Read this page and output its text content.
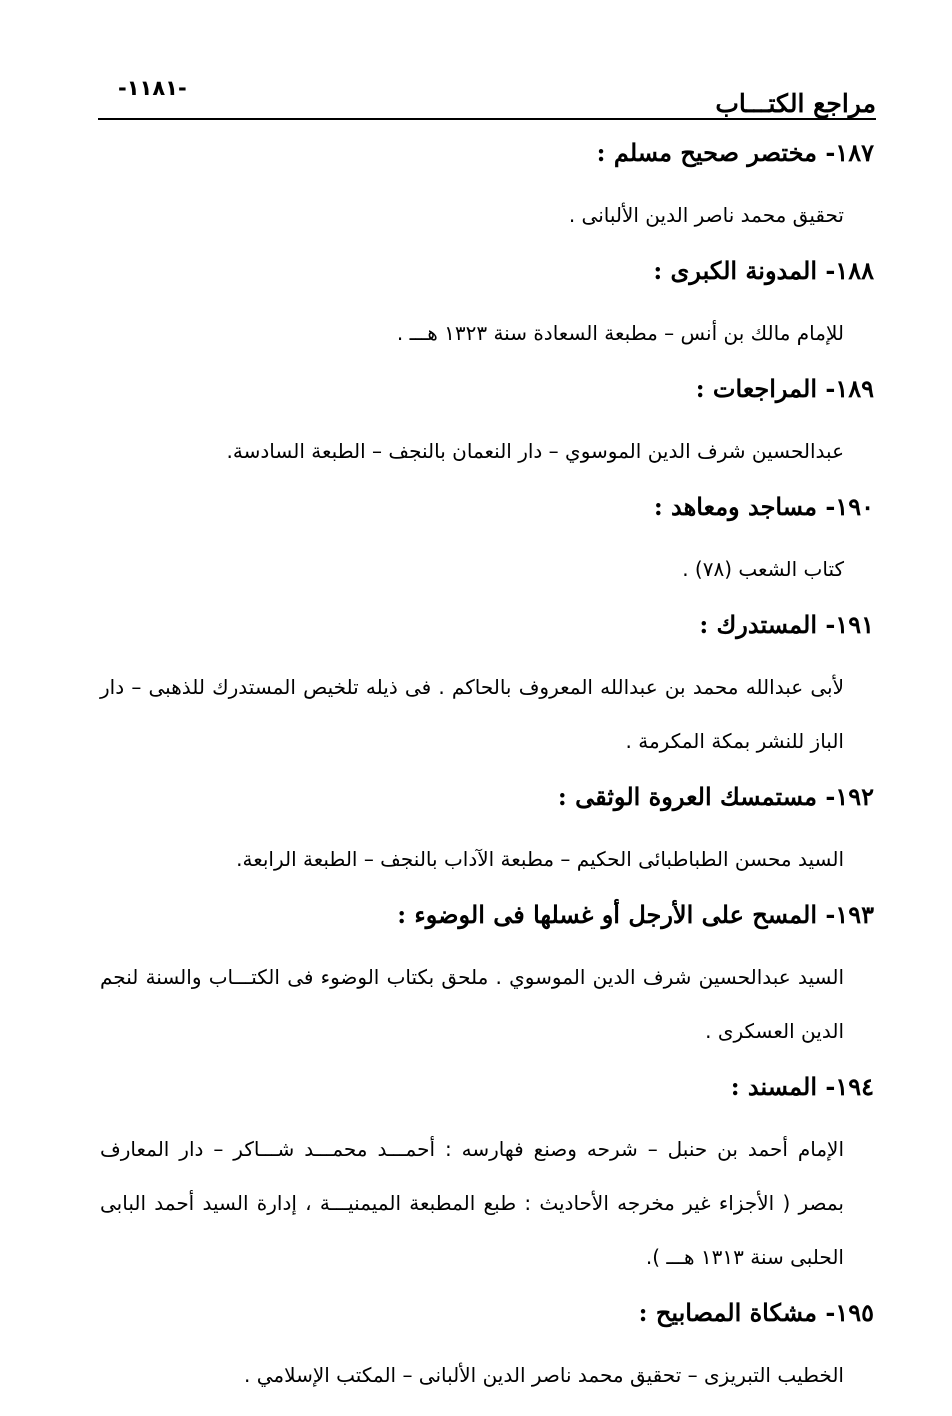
-١١٨١-
مراجع الكتـــاب
١٨٧- مختصر صحيح مسلم :
تحقيق محمد ناصر الدين الألبانى .
١٨٨- المدونة الكبرى :
للإمام مالك بن أنس – مطبعة السعادة سنة ١٣٢٣ هـــ .
١٨٩- المراجعات :
عبدالحسين شرف الدين الموسوي – دار النعمان بالنجف – الطبعة السادسة.
١٩٠- مساجد ومعاهد :
كتاب الشعب (٧٨) .
١٩١- المستدرك :
لأبى عبدالله محمد بن عبدالله المعروف بالحاكم . فى ذيله تلخيص المستدرك للذهبى – دار الباز للنشر بمكة المكرمة .
١٩٢- مستمسك العروة الوثقى :
السيد محسن الطباطبائى الحكيم – مطبعة الآداب بالنجف – الطبعة الرابعة.
١٩٣- المسح على الأرجل أو غسلها فى الوضوء :
السيد عبدالحسين شرف الدين الموسوي . ملحق بكتاب الوضوء فى الكتـــاب والسنة لنجم الدين العسكرى .
١٩٤- المسند :
الإمام أحمد بن حنبل – شرحه وصنع فهارسه : أحمـــد محمـــد شـــاكر – دار المعارف بمصر ( الأجزاء غير مخرجه الأحاديث : طبع المطبعة الميمنيـــة ، إدارة السيد أحمد البابى الحلبى سنة ١٣١٣ هـــ ).
١٩٥- مشكاة المصابيح :
الخطيب التبريزى – تحقيق محمد ناصر الدين الألبانى – المكتب الإسلامي .
